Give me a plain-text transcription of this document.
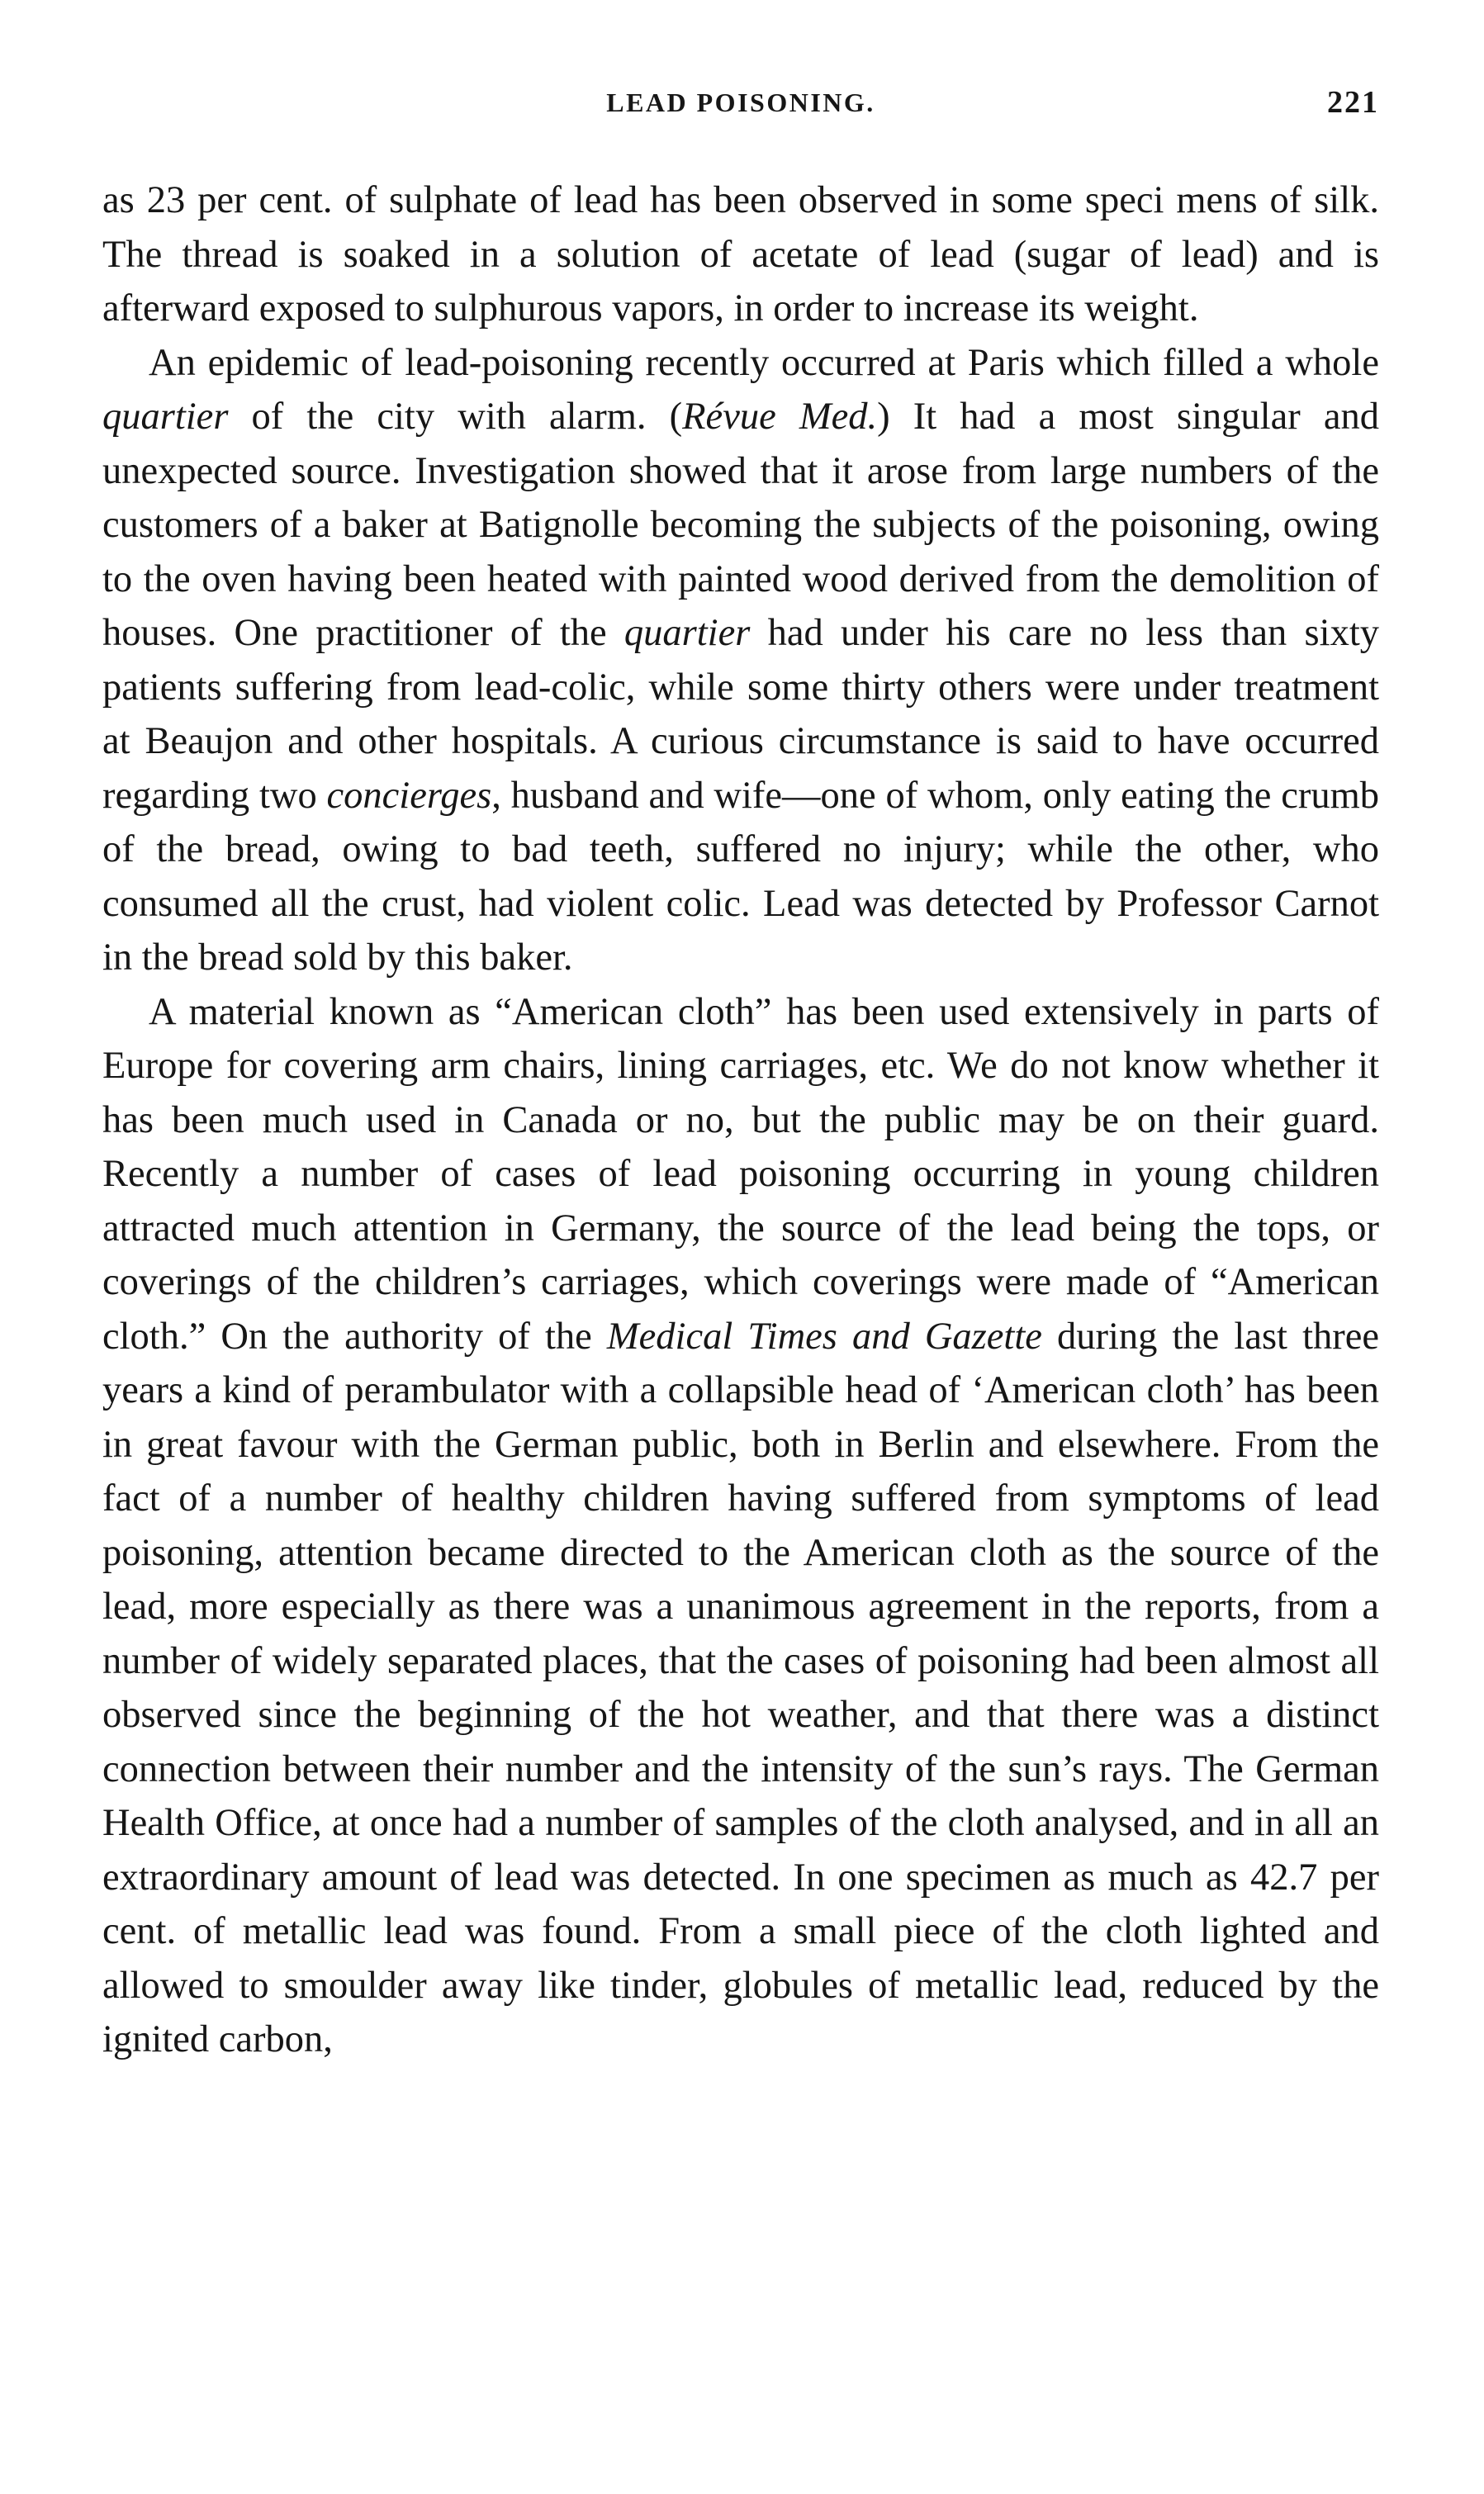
LEAD POISONING.	221

as 23 per cent. of sulphate of lead has been observed in some speci mens of silk. The thread is soaked in a solution of acetate of lead (sugar of lead) and is afterward exposed to sulphurous vapors, in order to increase its weight.

An epidemic of lead-poisoning recently occurred at Paris which filled a whole quartier of the city with alarm. (Révue Med.) It had a most singular and unexpected source. Investigation showed that it arose from large numbers of the customers of a baker at Batignolle becoming the subjects of the poisoning, owing to the oven having been heated with painted wood derived from the demolition of houses. One practitioner of the quartier had under his care no less than sixty patients suffering from lead-colic, while some thirty others were under treatment at Beaujon and other hospitals. A curious circumstance is said to have occurred regarding two concierges, husband and wife—one of whom, only eating the crumb of the bread, owing to bad teeth, suffered no injury; while the other, who consumed all the crust, had violent colic. Lead was detected by Professor Carnot in the bread sold by this baker.

A material known as “American cloth” has been used extensively in parts of Europe for covering arm chairs, lining carriages, etc. We do not know whether it has been much used in Canada or no, but the public may be on their guard. Recently a number of cases of lead poisoning occurring in young children attracted much attention in Germany, the source of the lead being the tops, or coverings of the children’s carriages, which coverings were made of “American cloth.” On the authority of the Medical Times and Gazette during the last three years a kind of perambulator with a collapsible head of ‘American cloth’ has been in great favour with the German public, both in Berlin and elsewhere. From the fact of a number of healthy children having suffered from symptoms of lead poisoning, attention became directed to the American cloth as the source of the lead, more especially as there was a unanimous agreement in the reports, from a number of widely separated places, that the cases of poisoning had been almost all observed since the beginning of the hot weather, and that there was a distinct connection between their number and the intensity of the sun’s rays. The German Health Office, at once had a number of samples of the cloth analysed, and in all an extraordinary amount of lead was detected. In one specimen as much as 42.7 per cent. of metallic lead was found. From a small piece of the cloth lighted and allowed to smoulder away like tinder, globules of metallic lead, reduced by the ignited carbon,
